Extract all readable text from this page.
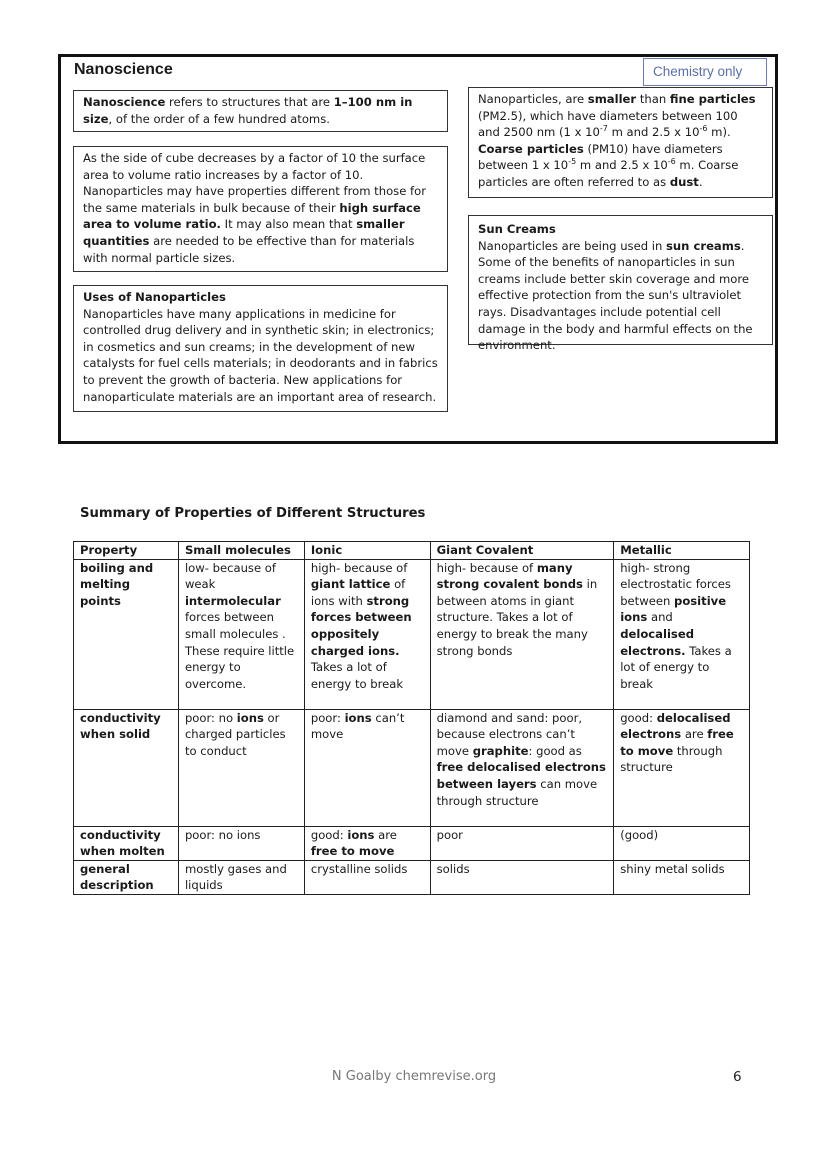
Nanoscience	Chemistry only
Nanoscience refers to structures that are 1–100 nm in size, of the order of a few hundred atoms.
As the side of cube decreases by a factor of 10 the surface area to volume ratio increases by a factor of 10.
Nanoparticles may have properties different from those for the same materials in bulk because of their high surface area to volume ratio. It may also mean that smaller quantities are needed to be effective than for materials with normal particle sizes.
Uses of Nanoparticles
Nanoparticles have many applications in medicine for controlled drug delivery and in synthetic skin; in electronics; in cosmetics and sun creams; in the development of new catalysts for fuel cells materials; in deodorants and in fabrics to prevent the growth of bacteria. New applications for nanoparticulate materials are an important area of research.
Nanoparticles, are smaller than fine particles (PM2.5), which have diameters between 100 and 2500 nm (1 x $10^{-7}$ m and 2.5 x $10^{-6}$ m). Coarse particles (PM10) have diameters between 1 x $10^{-5}$ m and 2.5 x $10^{-6}$ m. Coarse particles are often referred to as dust.
Sun Creams
Nanoparticles are being used in sun creams. Some of the benefits of nanoparticles in sun creams include better skin coverage and more effective protection from the sun's ultraviolet rays. Disadvantages include potential cell damage in the body and harmful effects on the environment.
Summary of Properties of Different Structures
Property	Small molecules	Ionic	Giant Covalent	Metallic
boiling and melting points	low- because of weak intermolecular forces between small molecules . These require little energy to overcome.	high- because of giant lattice of ions with strong forces between oppositely charged ions. Takes a lot of energy to break	high- because of many strong covalent bonds in between atoms in giant structure. Takes a lot of energy to break the many strong bonds	high- strong electrostatic forces between positive ions and delocalised electrons. Takes a lot of energy to break
conductivity when solid	poor: no ions or charged particles to conduct	poor: ions can’t move	diamond and sand: poor, because electrons can’t move graphite: good as free delocalised electrons between layers can move through structure	good: delocalised electrons are free to move through structure
conductivity when molten	poor: no ions	good: ions are free to move	poor	(good)
general description	mostly gases and liquids	crystalline solids	solids	shiny metal solids
N Goalby chemrevise.org	6
